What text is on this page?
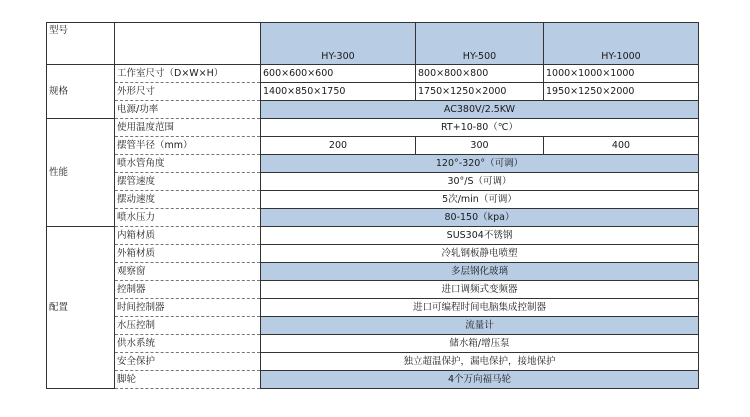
型号		HY-300	HY-500	HY-1000
规格	工作室尺寸（D×W×H）	600×600×600	800×800×800	1000×1000×1000
	外形尺寸	1400×850×1750	1750×1250×2000	1950×1250×2000
	电源/功率	AC380V/2.5KW		
性能	使用温度范围	RT+10-80（℃）		
	摆管半径（mm）	200	300	400
	喷水管角度	120°-320°（可调）		
	摆管速度	30°/S（可调）		
	摆动速度	5次/min（可调）		
	喷水压力	80-150（kpa）		
配置	内箱材质	SUS304不锈钢		
	外箱材质	冷轧钢板静电喷塑		
	观察窗	多层钢化玻璃		
	控制器	进口调频式变频器		
	时间控制器	进口可编程时间电脑集成控制器		
	水压控制	流量计		
	供水系统	储水箱/增压泵		
	安全保护	独立超温保护，漏电保护，接地保护		
	脚轮	4个万向福马轮		
